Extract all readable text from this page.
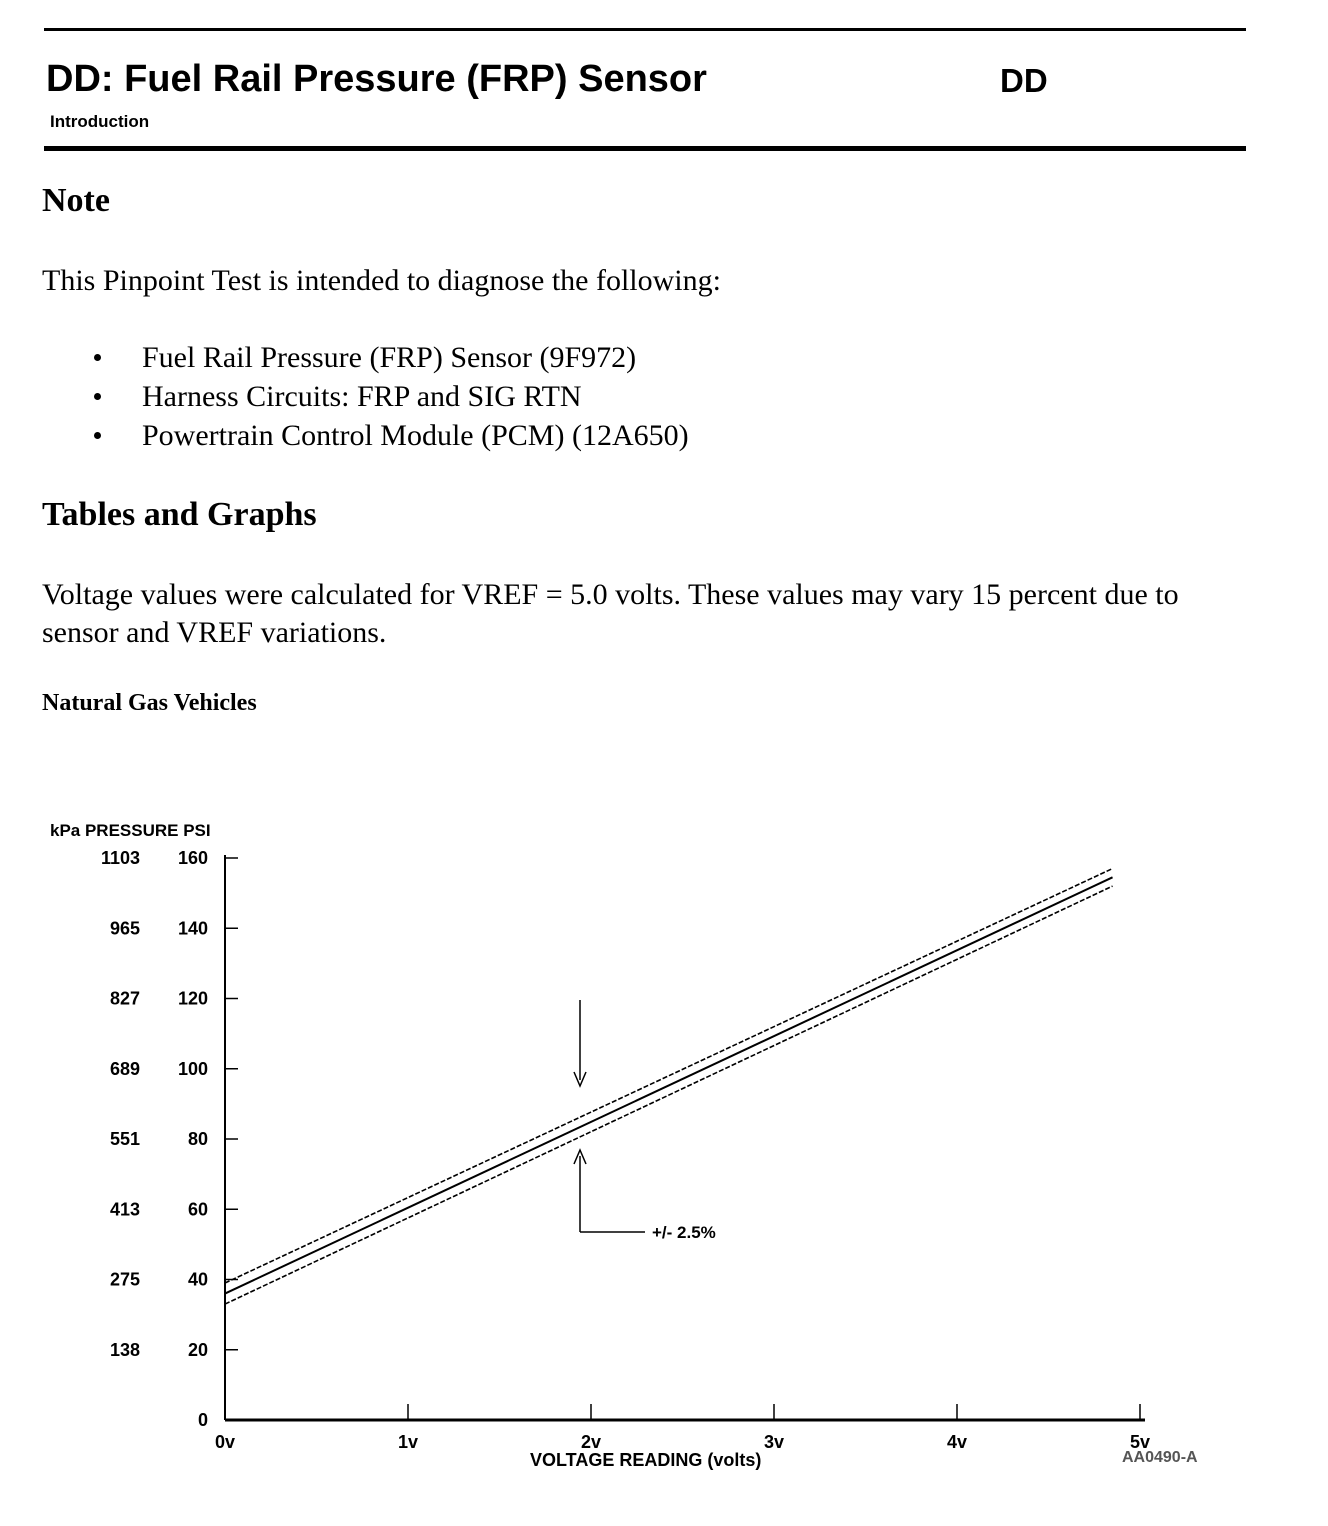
DD: Fuel Rail Pressure (FRP) Sensor	DD
Introduction
Note
This Pinpoint Test is intended to diagnose the following:
Fuel Rail Pressure (FRP) Sensor (9F972)
Harness Circuits: FRP and SIG RTN
Powertrain Control Module (PCM) (12A650)
Tables and Graphs
Voltage values were calculated for VREF = 5.0 volts. These values may vary 15 percent due to sensor and VREF variations.
Natural Gas Vehicles
kPa PRESSURE PSI
0
20
138
40
275
60
413
80
551
100
689
120
827
140
965
160
1103
0v	1v	2v	3v	4v	5v
+/- 2.5%
VOLTAGE READING (volts)	AA0490-A
